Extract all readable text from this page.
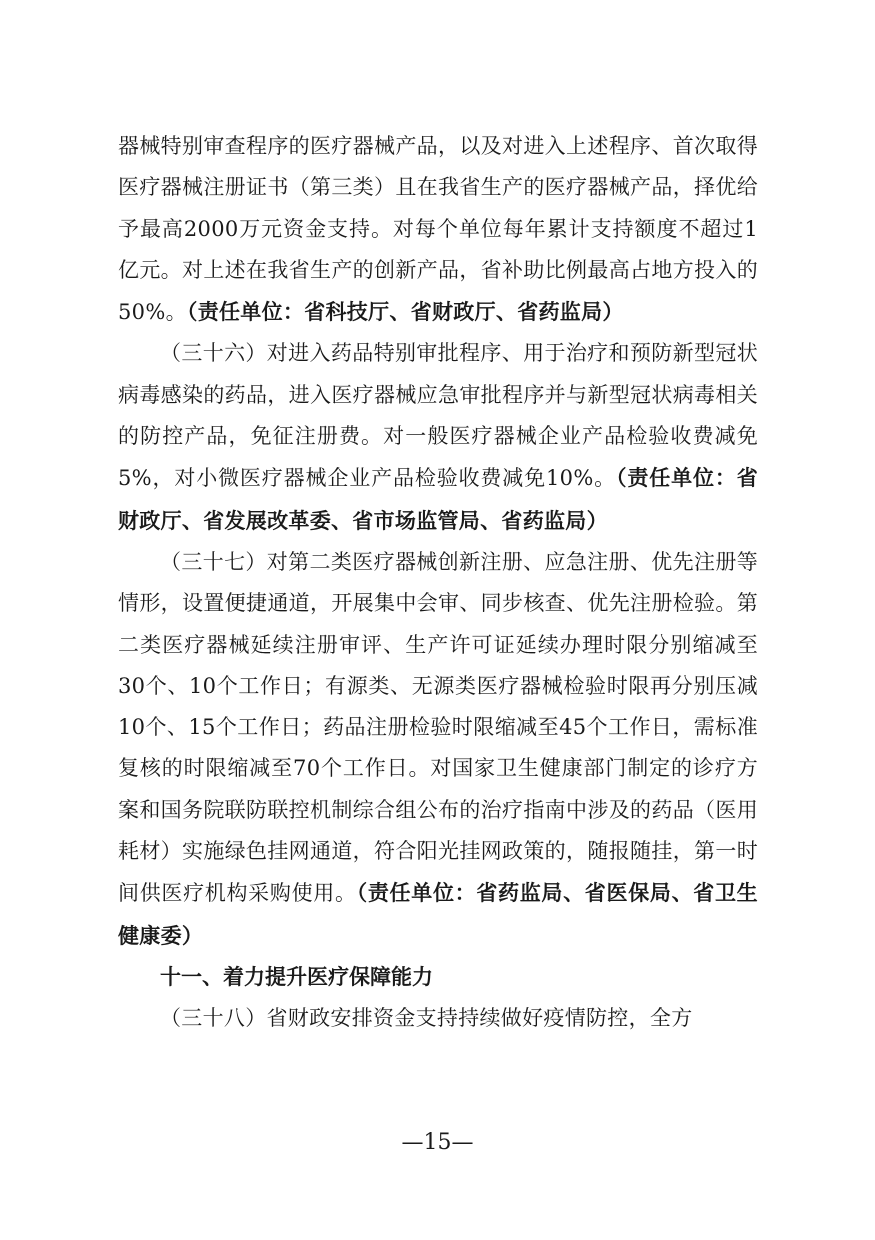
器械特别审查程序的医疗器械产品，以及对进入上述程序、首次取得医疗器械注册证书（第三类）且在我省生产的医疗器械产品，择优给予最高2000万元资金支持。对每个单位每年累计支持额度不超过1亿元。对上述在我省生产的创新产品，省补助比例最高占地方投入的50%。（责任单位：省科技厅、省财政厅、省药监局）

（三十六）对进入药品特别审批程序、用于治疗和预防新型冠状病毒感染的药品，进入医疗器械应急审批程序并与新型冠状病毒相关的防控产品，免征注册费。对一般医疗器械企业产品检验收费减免5%，对小微医疗器械企业产品检验收费减免10%。（责任单位：省财政厅、省发展改革委、省市场监管局、省药监局）

（三十七）对第二类医疗器械创新注册、应急注册、优先注册等情形，设置便捷通道，开展集中会审、同步核查、优先注册检验。第二类医疗器械延续注册审评、生产许可证延续办理时限分别缩减至30个、10个工作日；有源类、无源类医疗器械检验时限再分别压减10个、15个工作日；药品注册检验时限缩减至45个工作日，需标准复核的时限缩减至70个工作日。对国家卫生健康部门制定的诊疗方案和国务院联防联控机制综合组公布的治疗指南中涉及的药品（医用耗材）实施绿色挂网通道，符合阳光挂网政策的，随报随挂，第一时间供医疗机构采购使用。（责任单位：省药监局、省医保局、省卫生健康委）

十一、着力提升医疗保障能力

（三十八）省财政安排资金支持持续做好疫情防控，全方

—15—
